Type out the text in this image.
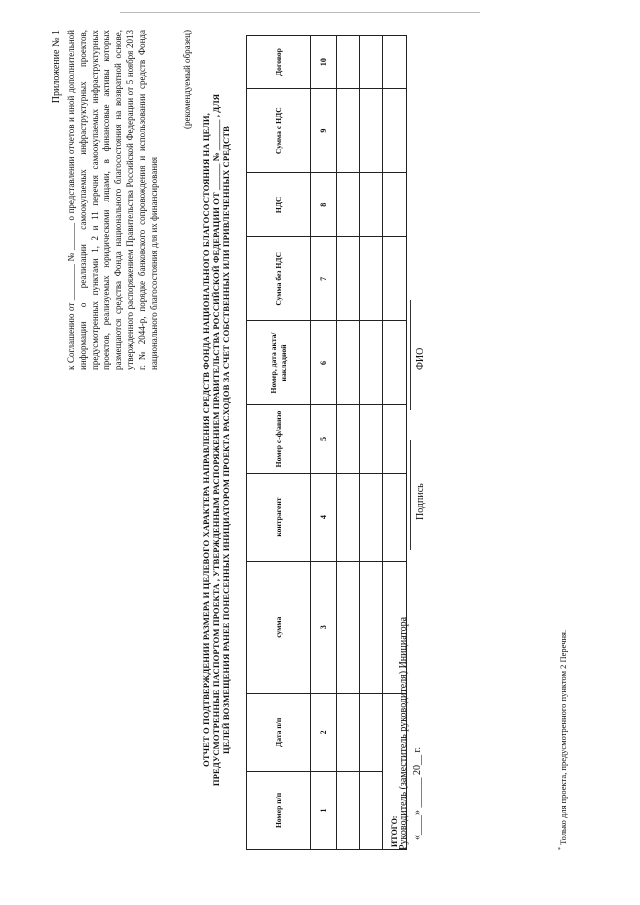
Приложение № 1 к Соглашению от ________ № ______ о представлении отчетов и иной дополнительной информации о реализации самоокупаемых инфраструктурных проектов, предусмотренных пунктами 1, 2 и 11 перечня самоокупаемых инфраструктурных проектов, реализуемых юридическими лицами, в финансовые активы которых размещаются средства Фонда национального благосостояния на возвратной основе, утвержденного распоряжением Правительства Российской Федерации от 5 ноября 2013 г. № 2044-р, порядке банковского сопровождения и использовании средств Фонда национального благосостояния для их финансирования
(рекомендуемый образец)
ОТЧЕТ О ПОДТВЕРЖДЕНИИ РАЗМЕРА И ЦЕЛЕВОГО ХАРАКТЕРА НАПРАВЛЕНИЯ СРЕДСТВ ФОНДА НАЦИОНАЛЬНОГО БЛАГОСОСТОЯНИЯ НА ЦЕЛИ, ПРЕДУСМОТРЕННЫЕ ПАСПОРТОМ ПРОЕКТА , УТВЕРЖДЕННЫМ РАСПОРЯЖЕНИЕМ ПРАВИТЕЛЬСТВА РОССИЙСКОЙ ФЕДЕРАЦИИ ОТ ______ № _______ , ДЛЯ ЦЕЛЕЙ ВОЗМЕЩЕНИЯ РАНЕЕ ПОНЕСЕННЫХ ИНИЦИАТОРОМ ПРОЕКТА РАСХОДОВ ЗА СЧЕТ СОБСТВЕННЫХ ИЛИ ПРИВЛЕЧЕННЫХ СРЕДСТВ
Номер п/п	Дата п/п	сумма	контрагент	Номер с-ф/авизо	Номер, дата акта/накладной	Сумма без НДС	НДС	Сумма с НДС	Договор
1	2	3	4	5	6	7	8	9	10

ИТОГО:									Руководитель (заместитель руководителя) Инициатора «____» ______ 20__ г.
Подпись
ФИО
* Только для проекта, предусмотренного пунктом 2 Перечня.
